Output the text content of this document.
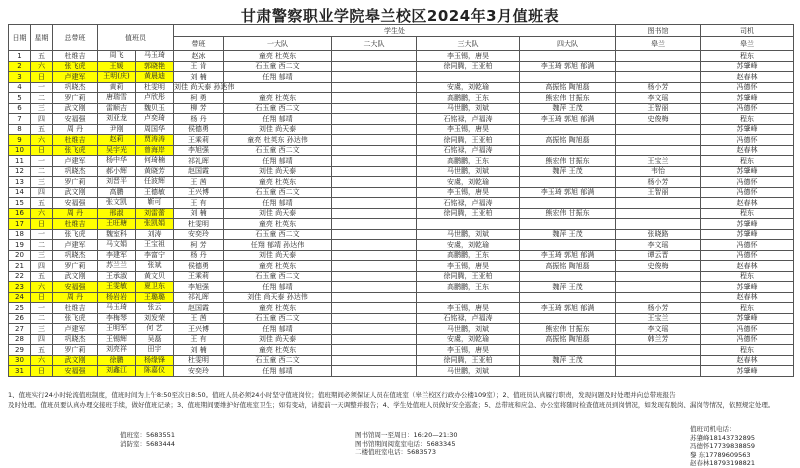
甘肃警察职业学院皋兰校区2024年3月值班表
日期	星期	总带班	值班员	学生处					图书馆	司机
				带班	一大队	二大队	三大队	四大队	皋兰	皋兰
1	五	杜维吉	周飞 马玉琦	赵冰	童亮 杜英东		李玉锡，唐昊			程东
2	六	张飞虎	王媛 郭晓艳	王 肯	石玉童 西二文		徐同腾，王亚柏	李玉琦 郭旭 郁满		苏肇峰
3	日	卢建军	王明(庆) 黄晨迪	刘 楠	任翔 郁靖					赵春林
4	一	巩晓杰	黄莉 杜雯明	刘佳 尚天泰 孙达伟			安虞，刘乾瑜	高振铭 陶旭磊	杨小芳	冯德怀
5	二	罗广莉	唐瑞雪 卢欣彤	柯 勇	童亮 杜英东		高鹏鹏，王东	熊宏伟 甘振东	李文瑶	苏肇峰
6	三	武文刚	雷顺吉 魏贝玉	柳 芳	石玉童 西二文		马世鹏，刘斌	魏萍 王茂	王智丽	冯德怀
7	四	安福强	刘亚龙 卢奕琦	杨 丹	任翔 郁靖		石铭禄，卢福涛	李玉琦 郭旭 郁满	史俊梅	程东
8	五	周 丹	尹刚 周国华	侯德勇	刘佳 尚天泰		李玉锡，唐昊			苏肇峰
9	六	杜维吉	赵莉 贾涛涛	王乘莉	童亮 杜英东 孙达伟		徐同腾，王亚柏	高振铭 陶旭磊		冯德怀
10	日	张飞虎	吴宇光 曾海岸	李旭强	石玉童 西二文		石铭禄，卢福涛			赵春林
11	一	卢建军	杨中华 何琦楠	祁礼晖	任翔 郁靖		高鹏鹏，王东	熊宏伟 甘振东	王宝兰	程东
12	二	巩晓杰	郝小辉 黄晓芳	赵国霞	刘佳 尚天泰		马世鹏，刘斌	魏萍 王茂	韦怡	苏肇峰
13	三	罗广莉	刘晋平 任波辉	王 茜	童亮 杜英东		安虞，刘乾瑜		杨小芳	冯德怀
14	四	武文刚	高鹏 王德敏	王兴博	石玉童 西二文		李玉锡，唐昊	李玉琦 郭旭 郁满	王智丽	冯德怀
15	五	安福强	张文凯 靳可	王 有	任翔 郁靖		石铭禄，卢福涛			赵春林
16	六	周 丹	邢淑 刘雷蕾	刘 楠	刘佳 尚天泰		徐同腾，王亚柏	熊宏伟 甘振东		程东
17	日	杜维吉	王旺瑭 张凯娟	杜雯明	童亮 杜英东					苏肇峰
18	一	张飞虎	魏室科 刘涛	安奕玲	石玉童 西二文		马世鹏，刘斌	魏萍 王茂	张晓路	苏肇峰
19	二	卢建军	马文娟 王宝祖	柯 芳	任翔 郁靖 孙达伟		安虞，刘乾瑜		李文瑶	冯德怀
20	三	巩晓杰	李建军 李富宁	杨 丹	刘佳 尚天泰		高鹏鹏，王东	李玉琦 郭旭 郁满	谭云晋	冯德怀
21	四	罗广莉	苏兰兰 张斌	侯德勇	童亮 杜英东		李玉锡，唐昊	高振铭 陶旭磊	史俊梅	赵春林
22	五	武文刚	王承淑 黄文贝	王乘莉	石玉童 西二文		徐同腾，王亚柏			程东
23	六	安福强	王雯敏 夏卫东	李旭强	任翔 郁靖		高鹏鹏，王东	魏萍 王茂		苏肇峰
24	日	周 丹	杨岩岩 王璐璐	祁礼晖	刘佳 尚天泰 孙达伟					赵春林
25	一	杜维吉	马玉琦 张云	赵国霞	童亮 杜英东		李玉锡，唐昊	李玉琦 郭旭 郁满	杨小芳	程东
26	二	张飞虎	李梅琴 刘发荣	王 茜	石玉童 西二文		石铭禄，卢福涛		王宝兰	苏肇峰
27	三	卢建军	王明军 何 艺	王兴博	任翔 郁靖		马世鹏，刘斌	熊宏伟 甘振东	李文瑶	冯德怀
28	四	巩晓杰	王锡辉 吴磊	王 有	刘佳 尚天泰		安虞，刘乾瑜	高振铭 陶旭磊	韩兰芳	冯德怀
29	五	罗广莉	刘亮祥 田宇	刘 楠	童亮 杜英东		李玉锡，唐昊			程东
30	六	武文刚	徐鹏 杨缘锋	杜雯明	石玉童 西二文		徐同腾，王亚柏	魏萍 王茂		赵春林
31	日	安福强	刘鑫江 陈嘉仪	安奕玲	任翔 郁靖		马世鹏，刘斌			苏肇峰
1、值班实行24小时轮流值班制度，值班时间为上午8:50至次日8:50。值班人员必须24小时坚守值班岗位；值班期间必须保证人员在值班室（皋兰校区行政办公楼109室）；2、值班员认真履行职责，发现问题及时处理并向总带班报告
及时处理。值班员要认真办理交接班手续，做好值班记录；3、值班期间要维护好值班室卫生；如有变动，请提前一天调整并报告；4、学生处值班人员做好安全巡查；5、总带班和应急、办公室将随时检查值班员到岗情况，如发现有脱岗、漏岗等情况，依照规定处理。
值班室：5683551
消防室：5683444
图书馆周一至周日：16:20—21:30
图书馆期间阅览室电话：5683345
二楼值班室电话：5683573
值班司机电话：
苏肇峰18143732895
冯德怀17739838859
黎 东17789609563
赵春林18793198821
